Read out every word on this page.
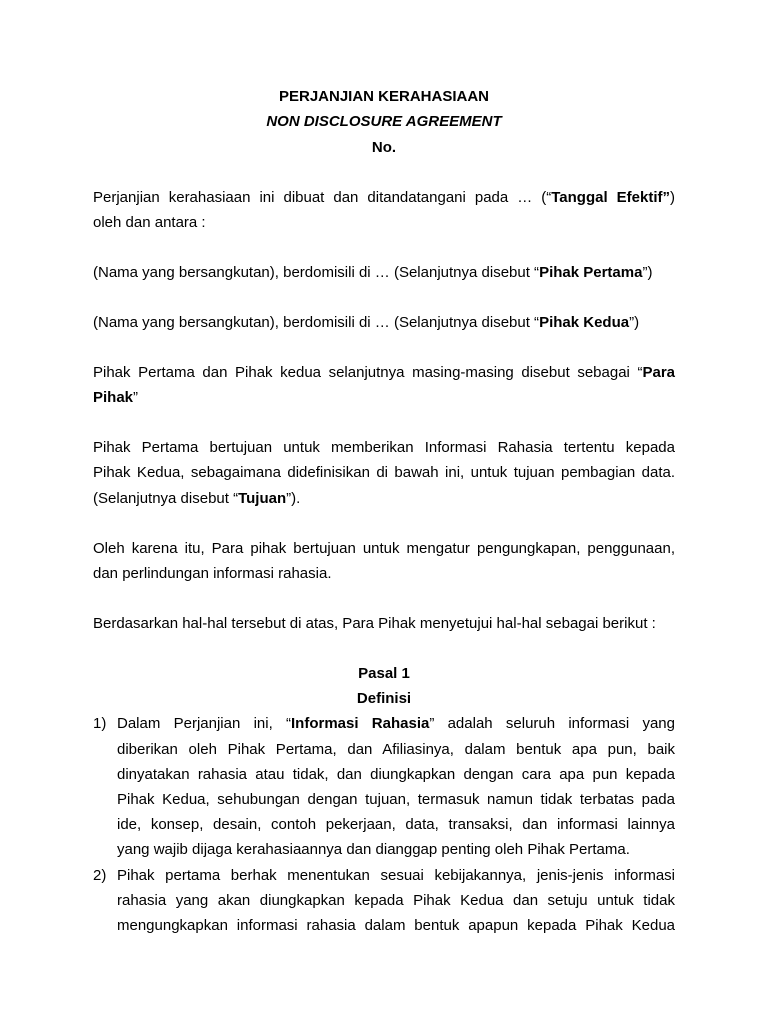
PERJANJIAN KERAHASIAAN
NON DISCLOSURE AGREEMENT
No.
Perjanjian kerahasiaan ini dibuat dan ditandatangani pada … (“Tanggal Efektif”)
oleh dan antara :
(Nama yang bersangkutan), berdomisili di … (Selanjutnya disebut “Pihak Pertama”)
(Nama yang bersangkutan), berdomisili di … (Selanjutnya disebut “Pihak Kedua”)
Pihak Pertama dan Pihak kedua selanjutnya masing-masing disebut sebagai “Para
Pihak”
Pihak Pertama bertujuan untuk memberikan Informasi Rahasia tertentu kepada
Pihak Kedua, sebagaimana didefinisikan di bawah ini, untuk tujuan pembagian data.
(Selanjutnya disebut “Tujuan”).
Oleh karena itu, Para pihak bertujuan untuk mengatur pengungkapan, penggunaan,
dan perlindungan informasi rahasia.
Berdasarkan hal-hal tersebut di atas, Para Pihak menyetujui hal-hal sebagai berikut :
Pasal 1
Definisi
1) Dalam Perjanjian ini, “Informasi Rahasia” adalah seluruh informasi yang
diberikan oleh Pihak Pertama, dan Afiliasinya, dalam bentuk apa pun, baik
dinyatakan rahasia atau tidak, dan diungkapkan dengan cara apa pun kepada
Pihak Kedua, sehubungan dengan tujuan, termasuk namun tidak terbatas pada
ide, konsep, desain, contoh pekerjaan, data, transaksi, dan informasi lainnya
yang wajib dijaga kerahasiaannya dan dianggap penting oleh Pihak Pertama.
2) Pihak pertama berhak menentukan sesuai kebijakannya, jenis-jenis informasi
rahasia yang akan diungkapkan kepada Pihak Kedua dan setuju untuk tidak
mengungkapkan informasi rahasia dalam bentuk apapun kepada Pihak Kedua
